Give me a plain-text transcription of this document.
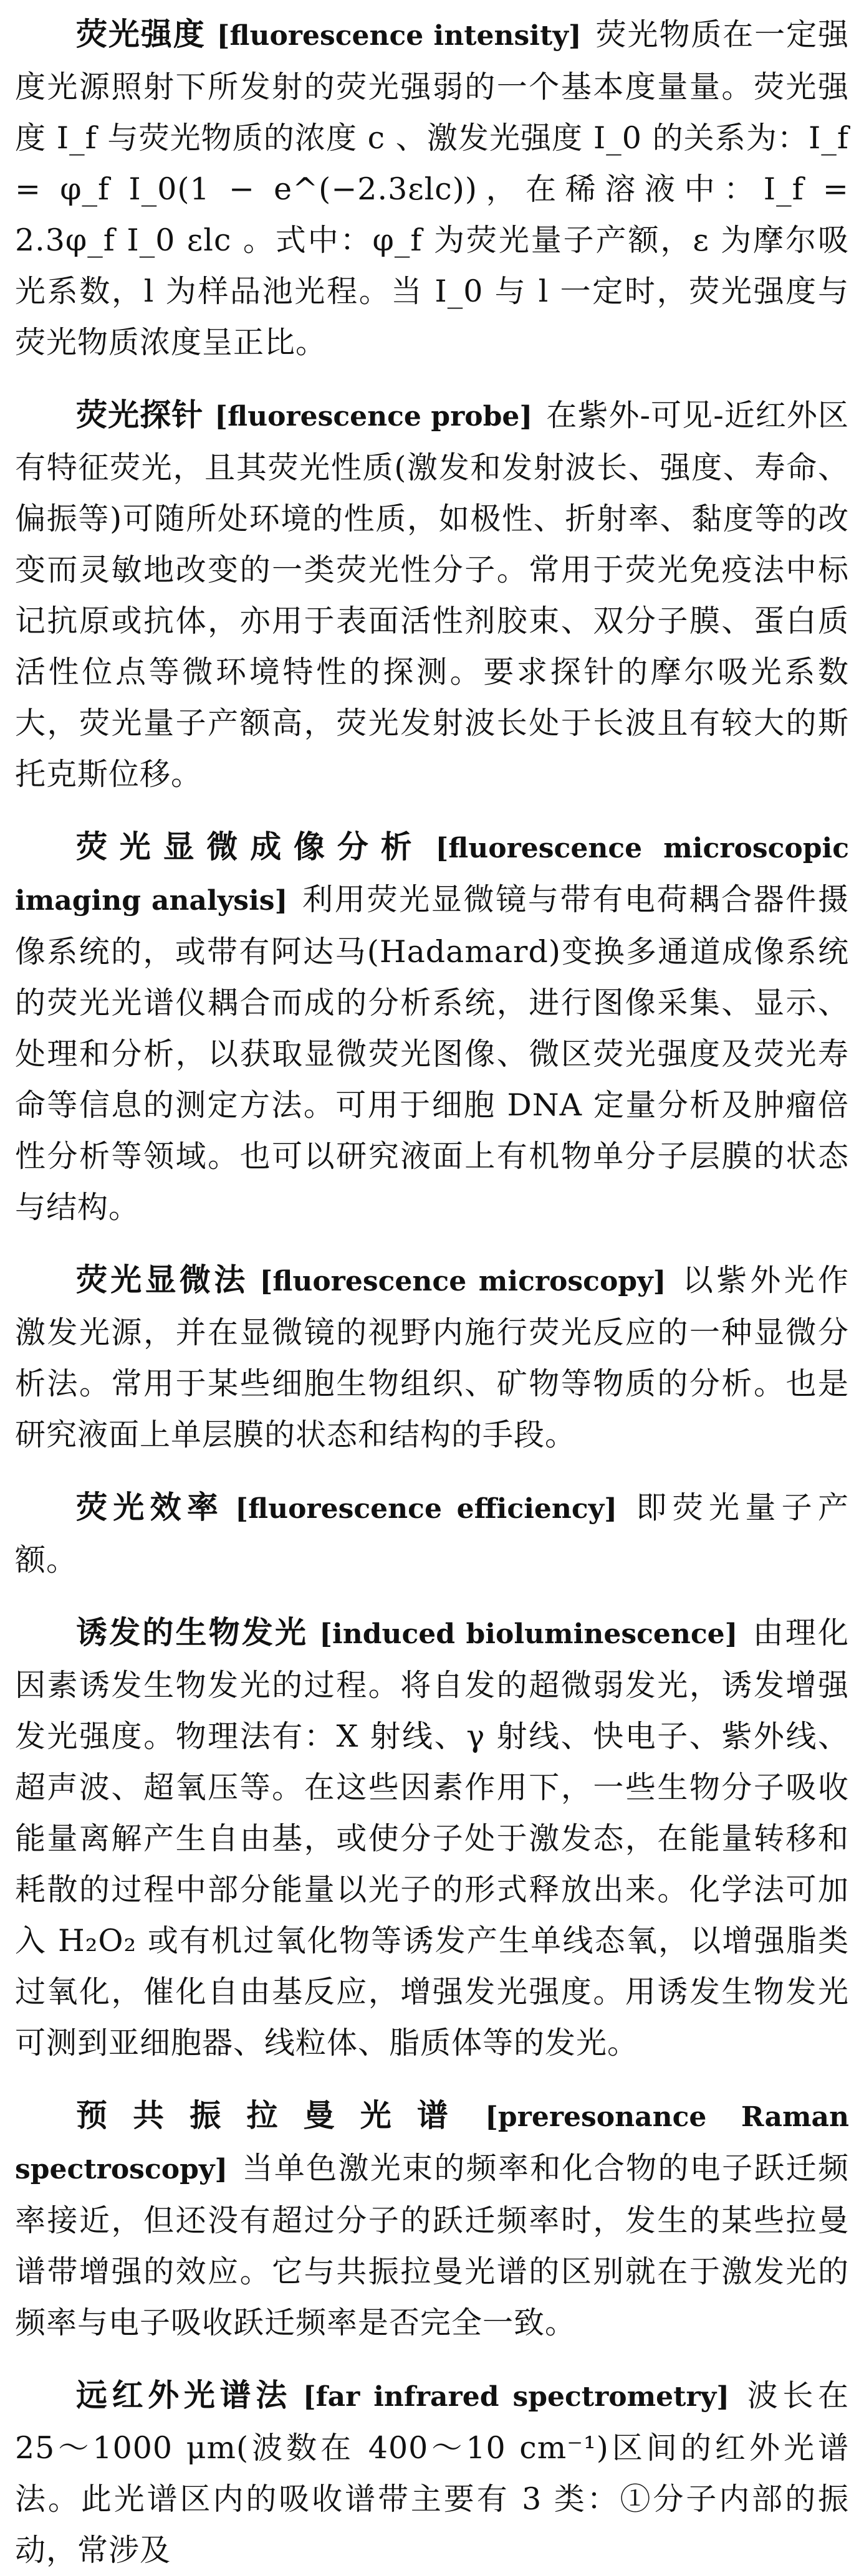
荧光强度 [fluorescence intensity] 荧光物质在一定强度光源照射下所发射的荧光强弱的一个基本度量量。荧光强度 I_f 与荧光物质的浓度 c 、激发光强度 I_0 的关系为：I_f = φ_f I_0(1 − e^(−2.3εlc))，在稀溶液中：I_f = 2.3φ_f I_0 εlc 。式中：φ_f 为荧光量子产额，ε 为摩尔吸光系数，l 为样品池光程。当 I_0 与 l 一定时，荧光强度与荧光物质浓度呈正比。

荧光探针 [fluorescence probe] 在紫外-可见-近红外区有特征荧光，且其荧光性质(激发和发射波长、强度、寿命、偏振等)可随所处环境的性质，如极性、折射率、黏度等的改变而灵敏地改变的一类荧光性分子。常用于荧光免疫法中标记抗原或抗体，亦用于表面活性剂胶束、双分子膜、蛋白质活性位点等微环境特性的探测。要求探针的摩尔吸光系数大，荧光量子产额高，荧光发射波长处于长波且有较大的斯托克斯位移。

荧光显微成像分析 [fluorescence microscopic imaging analysis] 利用荧光显微镜与带有电荷耦合器件摄像系统的，或带有阿达马(Hadamard)变换多通道成像系统的荧光光谱仪耦合而成的分析系统，进行图像采集、显示、处理和分析，以获取显微荧光图像、微区荧光强度及荧光寿命等信息的测定方法。可用于细胞 DNA 定量分析及肿瘤倍性分析等领域。也可以研究液面上有机物单分子层膜的状态与结构。

荧光显微法 [fluorescence microscopy] 以紫外光作激发光源，并在显微镜的视野内施行荧光反应的一种显微分析法。常用于某些细胞生物组织、矿物等物质的分析。也是研究液面上单层膜的状态和结构的手段。

荧光效率 [fluorescence efficiency] 即荧光量子产额。

诱发的生物发光 [induced bioluminescence] 由理化因素诱发生物发光的过程。将自发的超微弱发光，诱发增强发光强度。物理法有：X 射线、γ 射线、快电子、紫外线、超声波、超氧压等。在这些因素作用下，一些生物分子吸收能量离解产生自由基，或使分子处于激发态，在能量转移和耗散的过程中部分能量以光子的形式释放出来。化学法可加入 H₂O₂ 或有机过氧化物等诱发产生单线态氧，以增强脂类过氧化，催化自由基反应，增强发光强度。用诱发生物发光可测到亚细胞器、线粒体、脂质体等的发光。

预共振拉曼光谱 [preresonance Raman spectroscopy] 当单色激光束的频率和化合物的电子跃迁频率接近，但还没有超过分子的跃迁频率时，发生的某些拉曼谱带增强的效应。它与共振拉曼光谱的区别就在于激发光的频率与电子吸收跃迁频率是否完全一致。

远红外光谱法 [far infrared spectrometry] 波长在 25～1000 μm(波数在 400～10 cm⁻¹)区间的红外光谱法。此光谱区内的吸收谱带主要有 3 类：①分子内部的振动，常涉及
